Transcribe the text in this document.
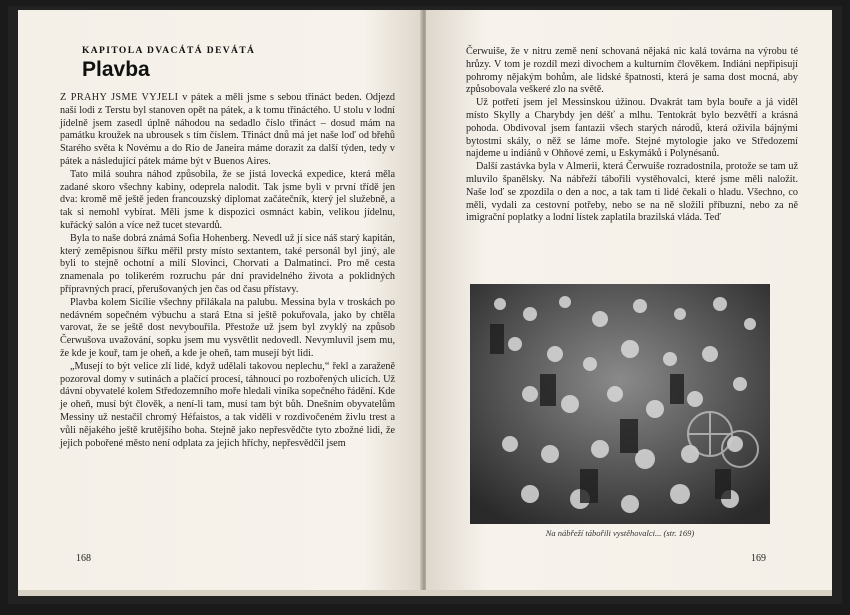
KAPITOLA DVACÁTÁ DEVÁTÁ
Plavba

Z PRAHY JSME VYJELI v pátek a měli jsme s sebou třináct beden. Odjezd naší lodi z Terstu byl stanoven opět na pátek, a k tomu třináctého. U stolu v lodní jídelně jsem zasedl úplně náhodou na sedadlo číslo třináct – dosud mám na památku kroužek na ubrousek s tím číslem. Třináct dnů má jet naše loď od břehů Starého světa k Novému a do Rio de Janeira máme dorazit za další týden, tedy v pátek a následující pátek máme být v Buenos Aires.

Tato milá souhra náhod způsobila, že se jistá lovecká expedice, která měla zadané skoro všechny kabiny, odeprela nalodit. Tak jsme byli v první třídě jen dva: kromě mě ještě jeden francouzský diplomat začátečník, který jel služebně, a tak si nemohl vybírat. Měli jsme k dispozici osmnáct kabin, velikou jídelnu, kuřácký salón a více než tucet stevardů.

Byla to naše dobrá známá Sofia Hohenberg. Nevedl už jí sice náš starý kapitán, který zeměpisnou šířku měřil prsty místo sextantem, také personál byl jiný, ale byli to stejně ochotní a milí Slovinci, Chorvati a Dalmatinci. Pro mě cesta znamenala po tolikerém rozruchu pár dní pravidelného života a poklidných přípravných prací, přerušovaných jen čas od času přístavy.

Plavba kolem Sicílie všechny přilákala na palubu. Messina byla v troskách po nedávném sopečném výbuchu a stará Etna si ještě pokuřovala, jako by chtěla varovat, že se ještě dost nevybouřila. Přestože už jsem byl zvyklý na způsob Čerwušova uvažování, sopku jsem mu vysvětlit nedovedl. Nevymluvil jsem mu, že kde je kouř, tam je oheň, a kde je oheň, tam musejí být lidi.

„Musejí to být velice zlí lidé, když udělali takovou neplechu,“ řekl a zaraženě pozoroval domy v sutinách a plačící procesí, táhnoucí po rozbořených ulicích. Už dávní obyvatelé kolem Středozemního moře hledali viníka sopečného řádění. Kde je oheň, musí být člověk, a není-li tam, musí tam být bůh. Dnešním obyvatelům Messiny už nestačil chromý Héfaistos, a tak viděli v rozdivočeném živlu trest a vůli nějakého ještě krutějšího boha. Stejně jako nepřesvědčte tyto zbožné lidi, že jejich pobořené město není odplata za jejich hříchy, nepřesvědčil jsem

168

Čerwuiše, že v nitru země není schovaná nějaká nic kalá továrna na výrobu té hrůzy. V tom je rozdíl mezi divochem a kulturním člověkem. Indiáni nepřipisují pohromy nějakým bohům, ale lidské špatnosti, která je sama dost mocná, aby způsobovala veškeré zlo na světě.

Už potřetí jsem jel Messinskou úžinou. Dvakrát tam byla bouře a já viděl místo Skylly a Charybdy jen déšť a mlhu. Tentokrát bylo bezvětří a krásná pohoda. Obdivoval jsem fantazii všech starých národů, která oživila bájnými bytostmi skály, o něž se láme moře. Stejné mytologie jako ve Středozemí najdeme u indiánů v Ohňové zemi, u Eskymáků i Polynésanů.

Další zastávka byla v Almerii, která Čerwuiše rozradostnila, protože se tam už mluvilo španělsky. Na nábřeží tábořili vystěhovalci, které jsme měli naložit. Naše loď se zpozdila o den a noc, a tak tam ti lidé čekali o hladu. Všechno, co měli, vydali za cestovní potřeby, nebo se na ně složili příbuzní, nebo za ně imigrační poplatky a lodní lístek zaplatila brazilská vláda. Teď

Na nábřeží tábořili vystěhovalci... (str. 169)
169
